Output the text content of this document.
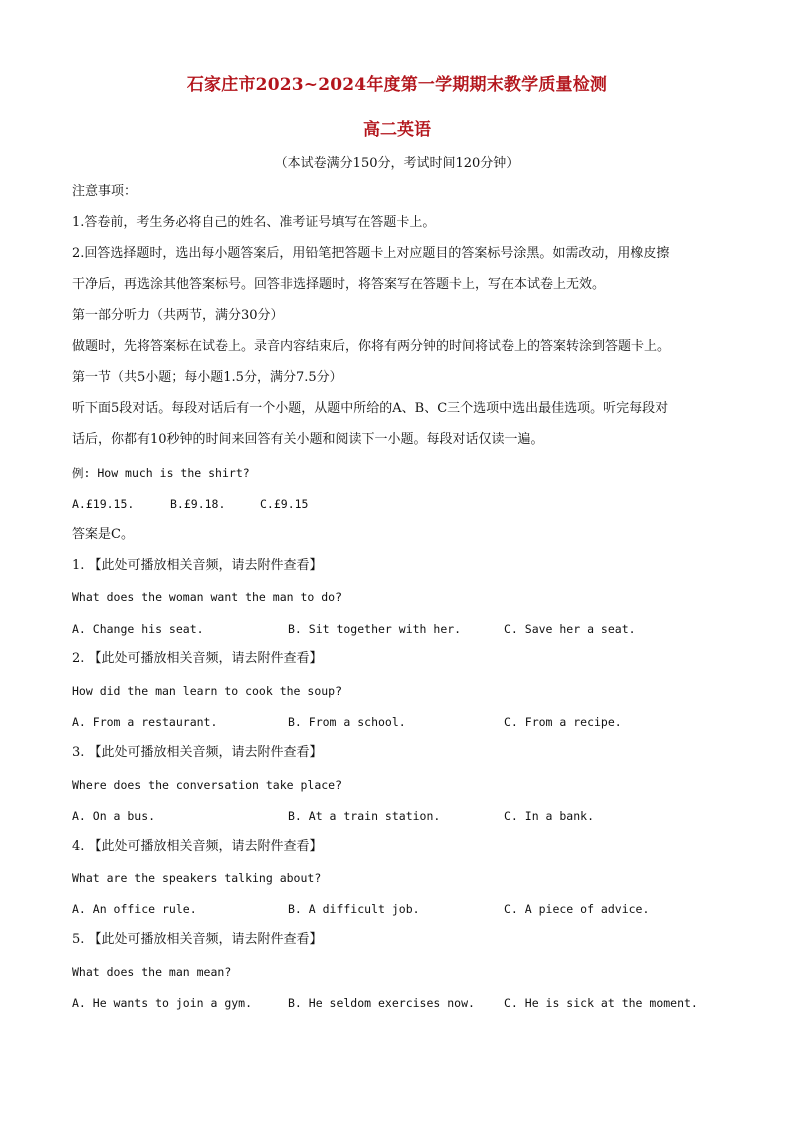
石家庄市2023~2024年度第一学期期末教学质量检测
高二英语
（本试卷满分150分，考试时间120分钟）
注意事项：
1.答卷前，考生务必将自己的姓名、准考证号填写在答题卡上。
2.回答选择题时，选出每小题答案后，用铅笔把答题卡上对应题目的答案标号涂黑。如需改动，用橡皮擦
干净后，再选涂其他答案标号。回答非选择题时，将答案写在答题卡上，写在本试卷上无效。
第一部分听力（共两节，满分30分）
做题时，先将答案标在试卷上。录音内容结束后，你将有两分钟的时间将试卷上的答案转涂到答题卡上。
第一节（共5小题；每小题1.5分，满分7.5分）
听下面5段对话。每段对话后有一个小题，从题中所给的A、B、C三个选项中选出最佳选项。听完每段对
话后，你都有10秒钟的时间来回答有关小题和阅读下一小题。每段对话仅读一遍。
例: How much is the shirt?
A.£19.15.	B.£9.18.	C.£9.15
答案是C。
1. 【此处可播放相关音频，请去附件查看】
What does the woman want the man to do?
A. Change his seat.	B. Sit together with her.	C. Save her a seat.
2. 【此处可播放相关音频，请去附件查看】
How did the man learn to cook the soup?
A. From a restaurant.	B. From a school.	C. From a recipe.
3. 【此处可播放相关音频，请去附件查看】
Where does the conversation take place?
A. On a bus.	B. At a train station.	C. In a bank.
4. 【此处可播放相关音频，请去附件查看】
What are the speakers talking about?
A. An office rule.	B. A difficult job.	C. A piece of advice.
5. 【此处可播放相关音频，请去附件查看】
What does the man mean?
A. He wants to join a gym.	B. He seldom exercises now.	C. He is sick at the moment.
